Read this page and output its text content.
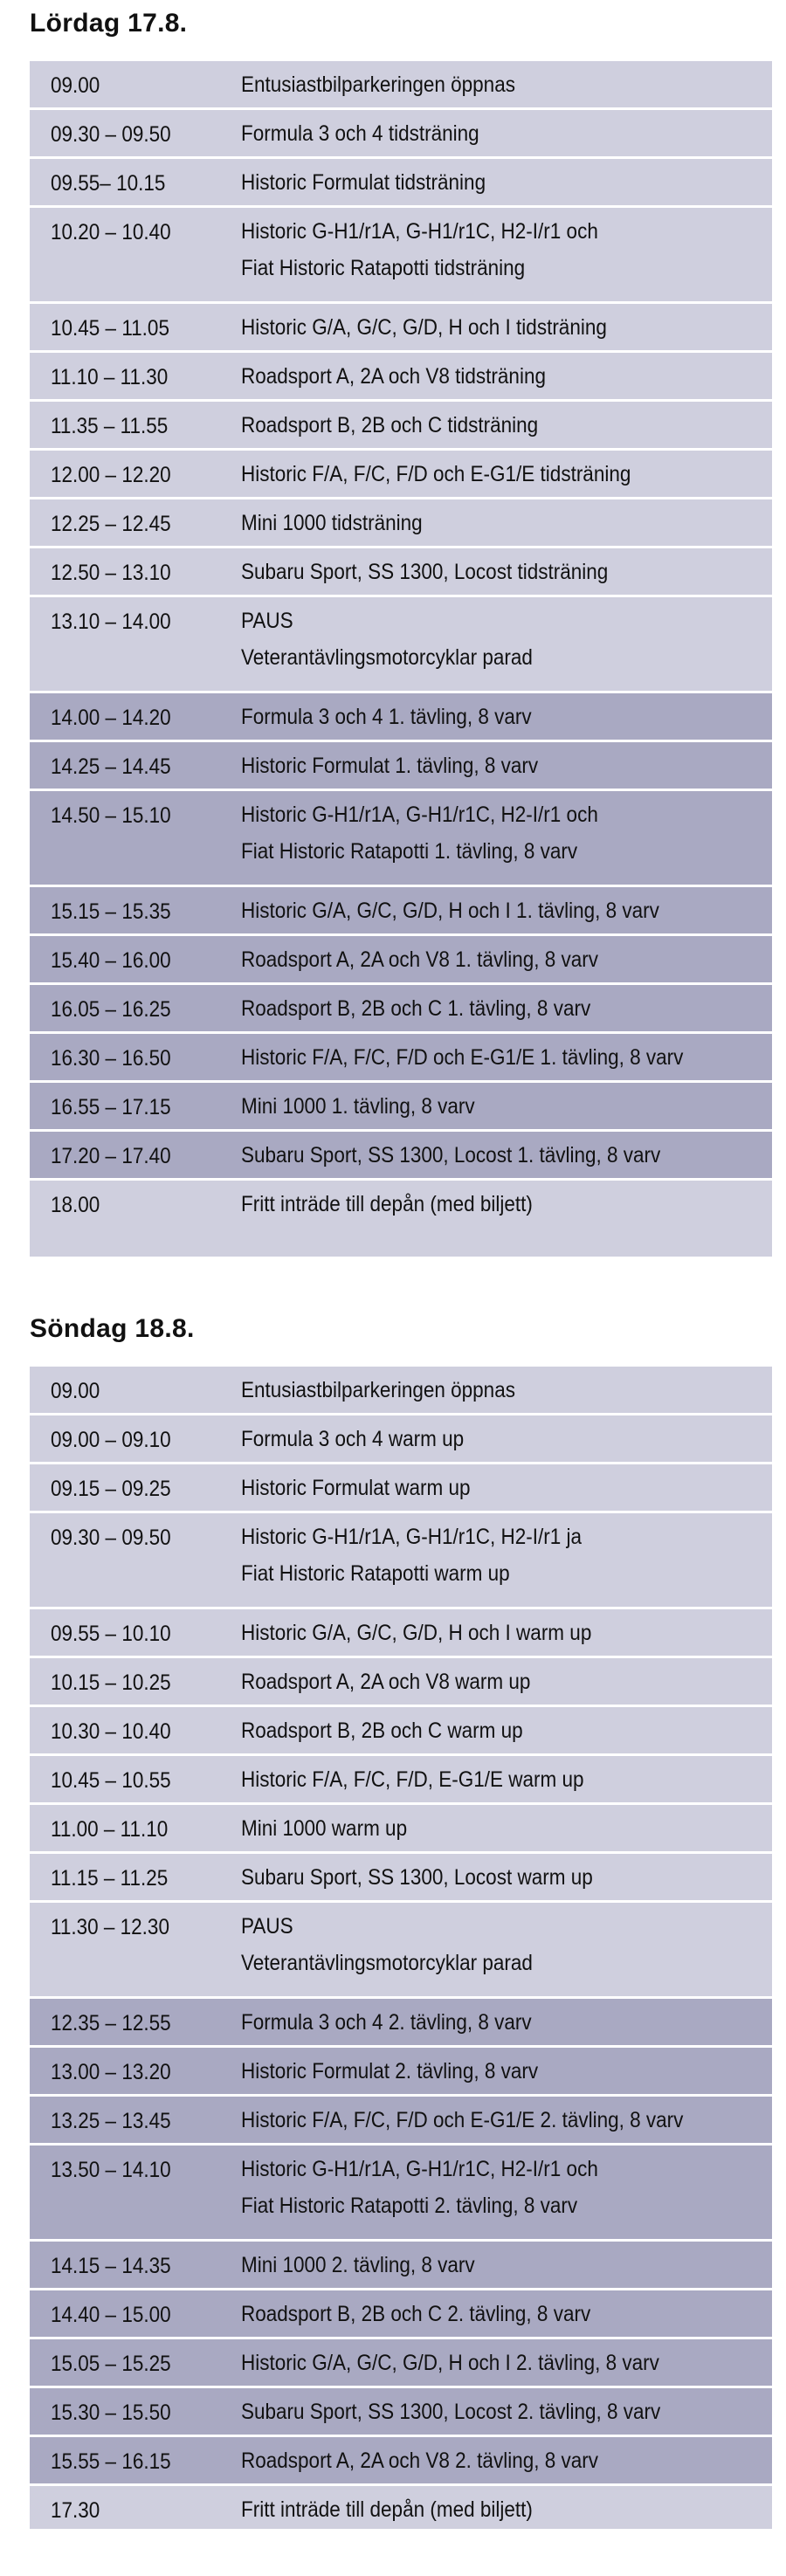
Lördag 17.8.
09.00	Entusiastbilparkeringen öppnas
09.30 – 09.50	Formula 3 och 4 tidsträning
09.55– 10.15	Historic Formulat tidsträning
10.20 – 10.40	Historic G-H1/r1A, G-H1/r1C, H2-I/r1 och
Fiat Historic Ratapotti tidsträning
10.45 – 11.05	Historic G/A, G/C, G/D, H och I tidsträning
11.10 – 11.30	Roadsport A, 2A och V8 tidsträning
11.35 – 11.55	Roadsport B, 2B och C tidsträning
12.00 – 12.20	Historic F/A, F/C, F/D och E-G1/E tidsträning
12.25 – 12.45	Mini 1000 tidsträning
12.50 – 13.10	Subaru Sport, SS 1300, Locost tidsträning
13.10 – 14.00	PAUS
Veterantävlingsmotorcyklar parad
14.00 – 14.20	Formula 3 och 4 1. tävling, 8 varv
14.25 – 14.45	Historic Formulat 1. tävling, 8 varv
14.50 – 15.10	Historic G-H1/r1A, G-H1/r1C, H2-I/r1 och
Fiat Historic Ratapotti 1. tävling, 8 varv
15.15 – 15.35	Historic G/A, G/C, G/D, H och I 1. tävling, 8 varv
15.40 – 16.00	Roadsport A, 2A och V8 1. tävling, 8 varv
16.05 – 16.25	Roadsport B, 2B och C 1. tävling, 8 varv
16.30 – 16.50	Historic F/A, F/C, F/D och E-G1/E 1. tävling, 8 varv
16.55 – 17.15	Mini 1000 1. tävling, 8 varv
17.20 – 17.40	Subaru Sport, SS 1300, Locost 1. tävling, 8 varv
18.00	Fritt inträde till depån (med biljett)
Söndag 18.8.
09.00	Entusiastbilparkeringen öppnas
09.00 – 09.10	Formula 3 och 4 warm up
09.15 – 09.25	Historic Formulat warm up
09.30 – 09.50	Historic G-H1/r1A, G-H1/r1C, H2-I/r1 ja
Fiat Historic Ratapotti warm up
09.55 – 10.10	Historic G/A, G/C, G/D, H och I warm up
10.15 – 10.25	Roadsport A, 2A och V8 warm up
10.30 – 10.40	Roadsport B, 2B och C warm up
10.45 – 10.55	Historic F/A, F/C, F/D, E-G1/E warm up
11.00 – 11.10	Mini 1000 warm up
11.15 – 11.25	Subaru Sport, SS 1300, Locost warm up
11.30 – 12.30	PAUS
Veterantävlingsmotorcyklar parad
12.35 – 12.55	Formula 3 och 4 2. tävling, 8 varv
13.00 – 13.20	Historic Formulat 2. tävling, 8 varv
13.25 – 13.45	Historic F/A, F/C, F/D och E-G1/E 2. tävling, 8 varv
13.50 – 14.10	Historic G-H1/r1A, G-H1/r1C, H2-I/r1 och
Fiat Historic Ratapotti 2. tävling, 8 varv
14.15 – 14.35	Mini 1000 2. tävling, 8 varv
14.40 – 15.00	Roadsport B, 2B och C 2. tävling, 8 varv
15.05 – 15.25	Historic G/A, G/C, G/D, H och I 2. tävling, 8 varv
15.30 – 15.50	Subaru Sport, SS 1300, Locost 2. tävling, 8 varv
15.55 – 16.15	Roadsport A, 2A och V8 2. tävling, 8 varv
17.30	Fritt inträde till depån (med biljett)
